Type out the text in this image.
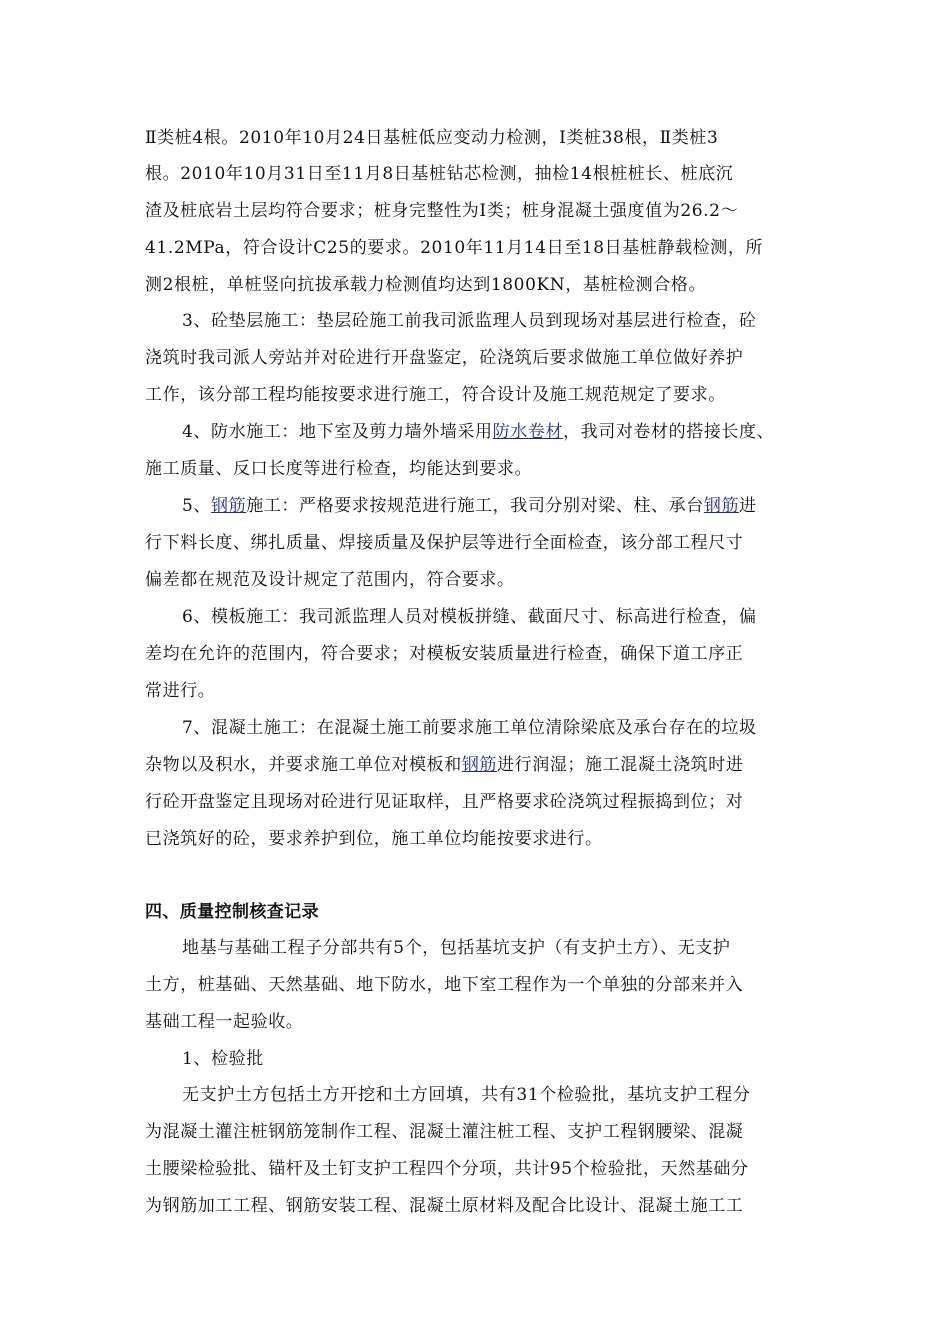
Ⅱ类桩4根。2010年10月24日基桩低应变动力检测，Ⅰ类桩38根，Ⅱ类桩3
根。2010年10月31日至11月8日基桩钻芯检测，抽检14根桩桩长、桩底沉
渣及桩底岩土层均符合要求；桩身完整性为Ⅰ类；桩身混凝土强度值为26.2～
41.2MPa，符合设计C25的要求。2010年11月14日至18日基桩静载检测，所
测2根桩，单桩竖向抗拔承载力检测值均达到1800KN，基桩检测合格。
3、砼垫层施工：垫层砼施工前我司派监理人员到现场对基层进行检查，砼
浇筑时我司派人旁站并对砼进行开盘鉴定，砼浇筑后要求做施工单位做好养护
工作，该分部工程均能按要求进行施工，符合设计及施工规范规定了要求。
4、防水施工：地下室及剪力墙外墙采用防水卷材，我司对卷材的搭接长度、
施工质量、反口长度等进行检查，均能达到要求。
5、钢筋施工：严格要求按规范进行施工，我司分别对梁、柱、承台钢筋进
行下料长度、绑扎质量、焊接质量及保护层等进行全面检查，该分部工程尺寸
偏差都在规范及设计规定了范围内，符合要求。
6、模板施工：我司派监理人员对模板拼缝、截面尺寸、标高进行检查，偏
差均在允许的范围内，符合要求；对模板安装质量进行检查，确保下道工序正
常进行。
7、混凝土施工：在混凝土施工前要求施工单位清除梁底及承台存在的垃圾
杂物以及积水，并要求施工单位对模板和钢筋进行润湿；施工混凝土浇筑时进
行砼开盘鉴定且现场对砼进行见证取样，且严格要求砼浇筑过程振捣到位；对
已浇筑好的砼，要求养护到位，施工单位均能按要求进行。
四、质量控制核查记录
地基与基础工程子分部共有5个，包括基坑支护（有支护土方）、无支护
土方，桩基础、天然基础、地下防水，地下室工程作为一个单独的分部来并入
基础工程一起验收。
1、检验批
无支护土方包括土方开挖和土方回填，共有31个检验批，基坑支护工程分
为混凝土灌注桩钢筋笼制作工程、混凝土灌注桩工程、支护工程钢腰梁、混凝
土腰梁检验批、锚杆及土钉支护工程四个分项，共计95个检验批，天然基础分
为钢筋加工工程、钢筋安装工程、混凝土原材料及配合比设计、混凝土施工工
